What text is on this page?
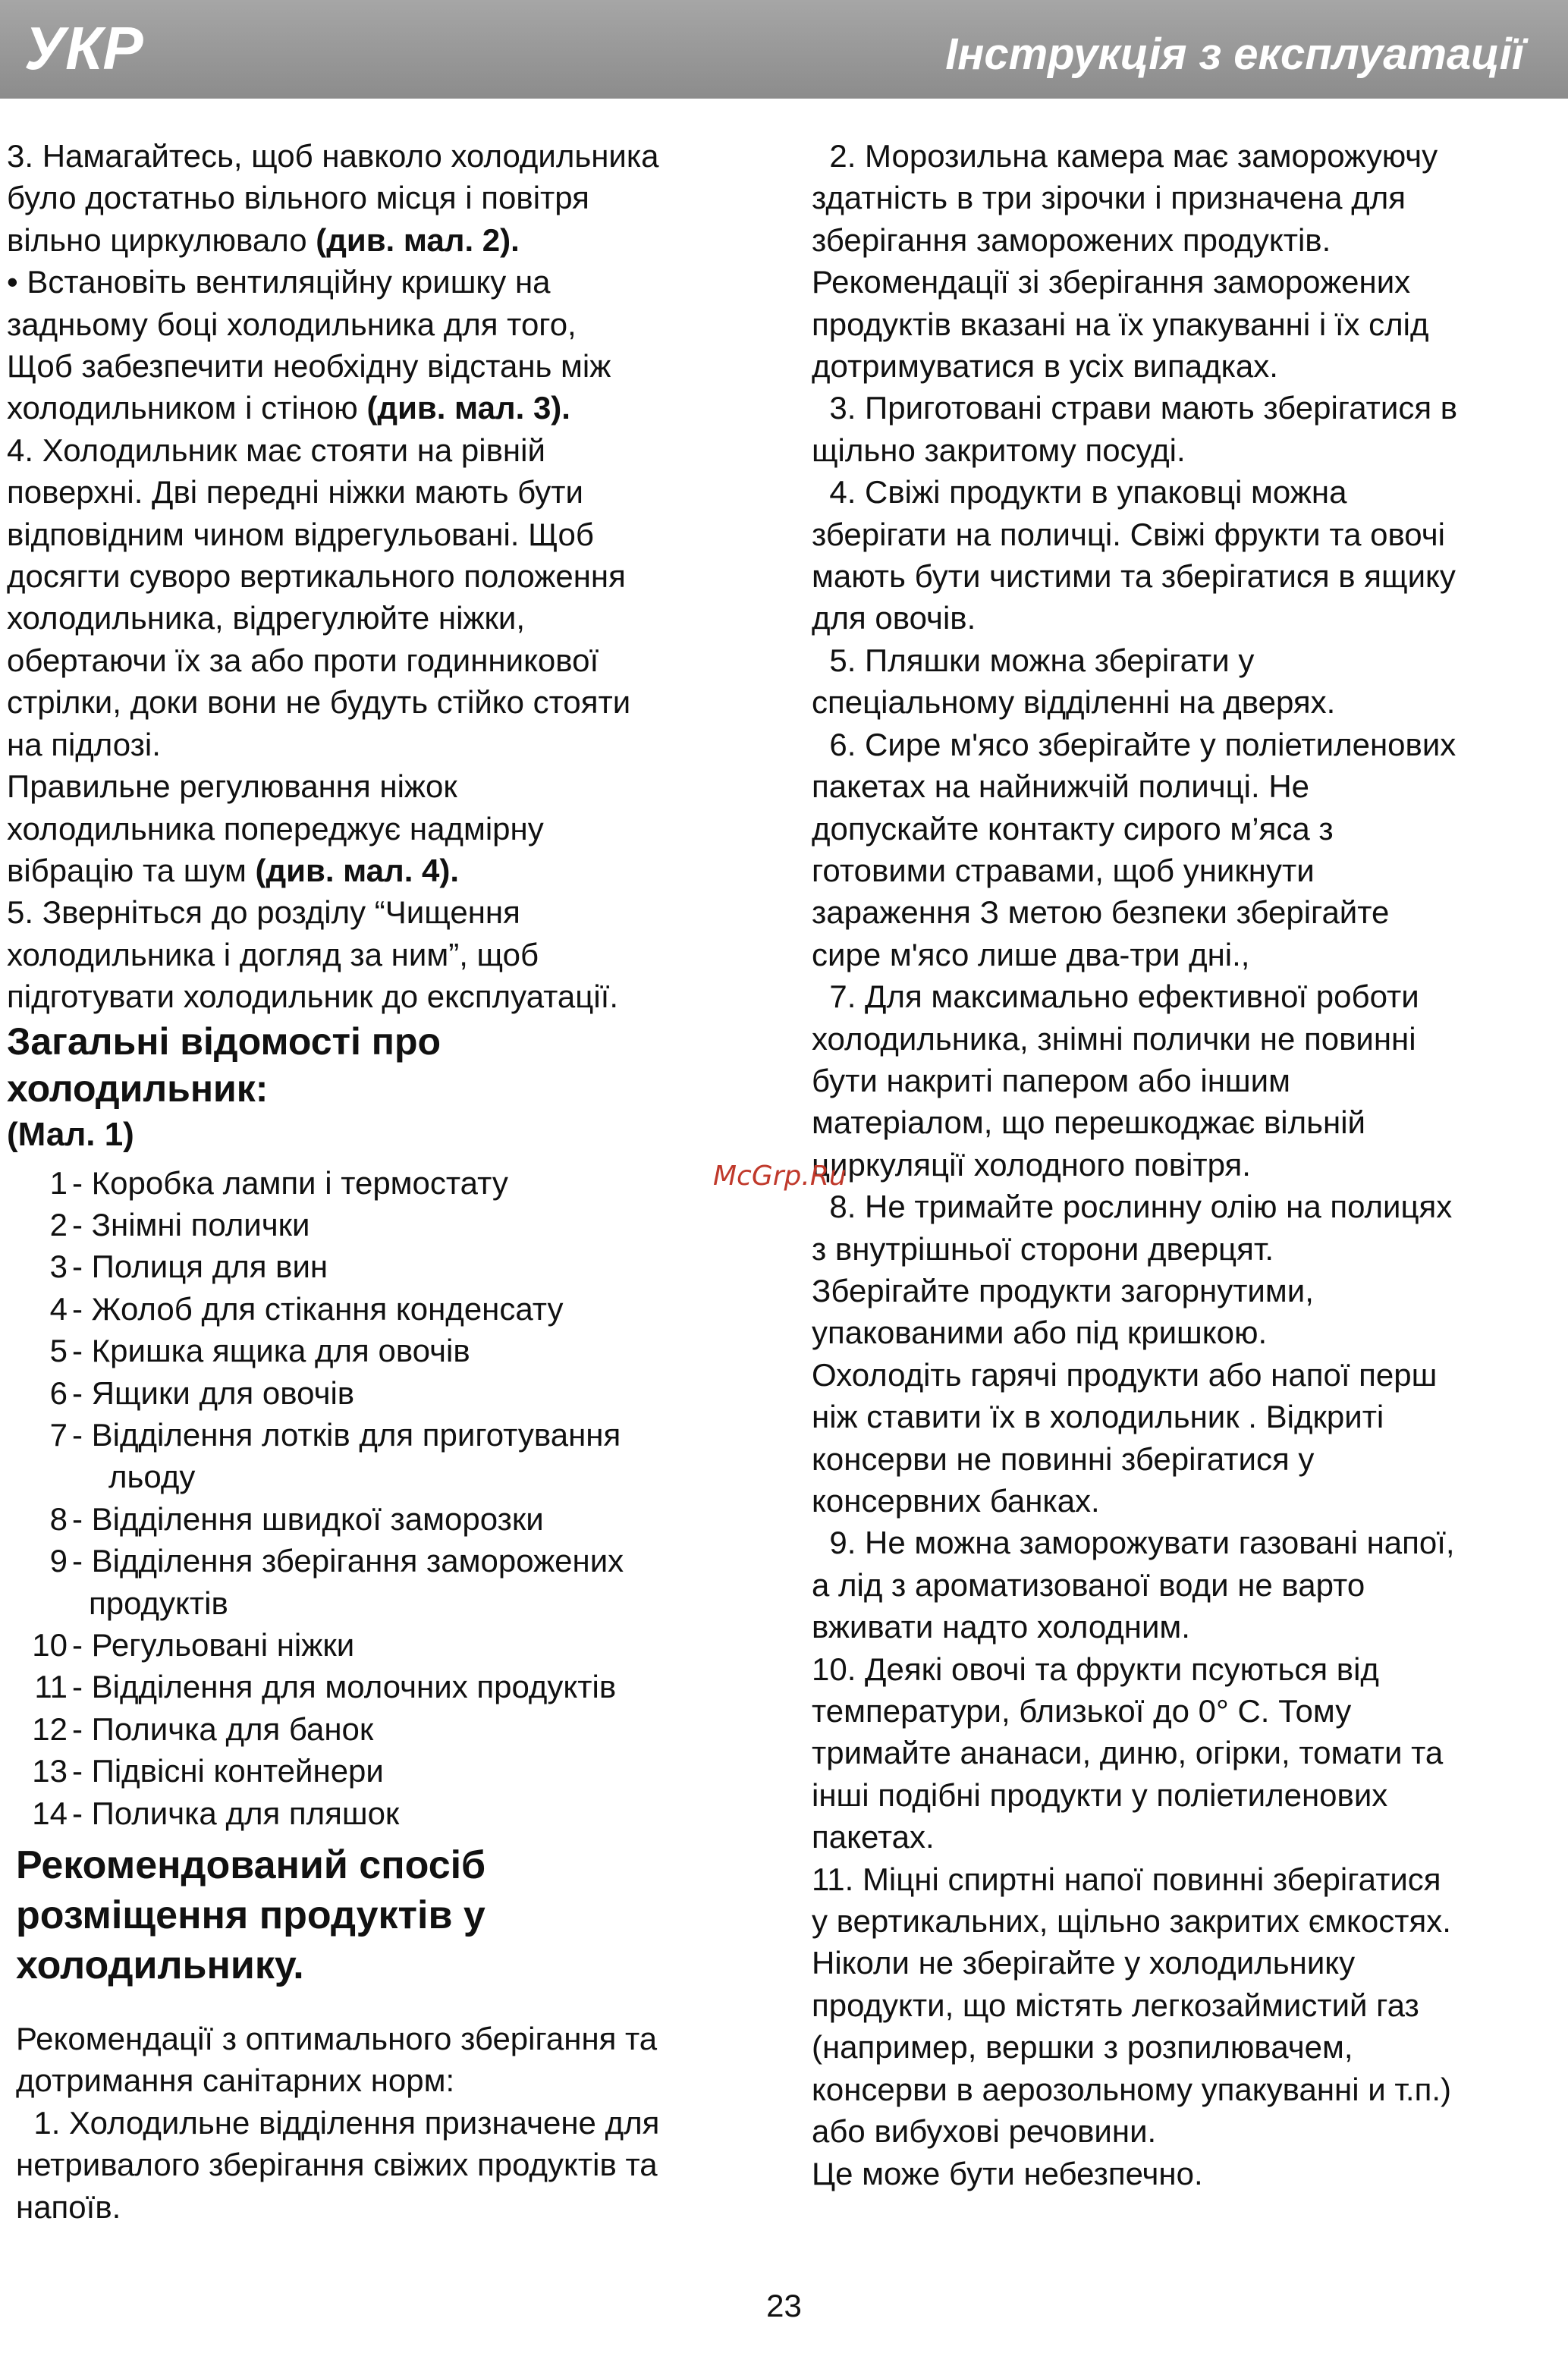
УКР	Інструкція з експлуатації
3. Намагайтесь, щоб навколо холодильника
було достатньо вільного місця і повітря
вільно циркулювало (див. мал. 2).
• Встановіть вентиляційну кришку на
задньому боці холодильника для того,
Щоб забезпечити необхідну відстань між
холодильником і стіною (див. мал. 3).
4. Холодильник має стояти на рівній
поверхні. Дві передні ніжки мають бути
відповідним чином відрегульовані. Щоб
досягти суворо вертикального положення
холодильника, відрегулюйте ніжки,
обертаючи їх за або проти годинникової
стрілки, доки вони не будуть стійко стояти
на підлозі.
Правильне регулювання ніжок
холодильника попереджує надмірну
вібрацію та шум (див. мал. 4).
5. Зверніться до розділу “Чищення
холодильника і догляд за ним”, щоб
підготувати холодильник до експлуатації.
Загальні відомості про
холодильник:
(Мал. 1)
1 - Коробка лампи і термостату
2 - Знімні полички
3 - Полиця для вин
4 - Жолоб для стікання конденсату
5 - Кришка ящика для овочів
6 - Ящики для овочів
7 - Відділення лотків для приготування
льоду
8 - Відділення швидкої заморозки
9 - Відділення зберігання заморожених
продуктів
10 - Регульовані ніжки
11 - Відділення для молочних продуктів
12 - Поличка для банок
13 - Підвісні контейнери
14 - Поличка для пляшок
Рекомендований спосіб
розміщення продуктів у
холодильнику.
Рекомендації з оптимального зберігання та
дотримання санітарних норм:
1. Холодильне відділення призначене для
нетривалого зберігання свіжих продуктів та
напоїв.
2. Морозильна камера має заморожуючу
здатність в три зірочки і призначена для
зберігання заморожених продуктів.
Рекомендації зі зберігання заморожених
продуктів вказані на їх упакуванні і їх слід
дотримуватися в усіх випадках.
3. Приготовані страви мають зберігатися в
щільно закритому посуді.
4. Свіжі продукти в упаковці можна
зберігати на поличці. Свіжі фрукти та овочі
мають бути чистими та зберігатися в ящику
для овочів.
5. Пляшки можна зберігати у
спеціальному відділенні на дверях.
6. Сире м'ясо зберігайте у поліетиленових
пакетах на найнижчій поличці. Не
допускайте контакту сирого м’яса з
готовими стравами, щоб уникнути
зараження З метою безпеки зберігайте
сире м'ясо лише два-три дні.,
7. Для максимально ефективної роботи
холодильника, знімні полички не повинні
бути накриті папером або іншим
матеріалом, що перешкоджає вільній
циркуляції холодного повітря.
8. Не тримайте рослинну олію на полицях
з внутрішньої сторони дверцят.
Зберігайте продукти загорнутими,
упакованими або під кришкою.
Охолодіть гарячі продукти або напої перш
ніж ставити їх в холодильник . Відкриті
консерви не повинні зберігатися у
консервних банках.
9. Не можна заморожувати газовані напої,
а лід з ароматизованої води не варто
вживати надто холодним.
10. Деякі овочі та фрукти псуються від
температури, близької до 0° С. Тому
тримайте ананаси, диню, огірки, томати та
інші подібні продукти у поліетиленових
пакетах.
11. Міцні спиртні напої повинні зберігатися
у вертикальних, щільно закритих ємкостях.
Ніколи не зберігайте у холодильнику
продукти, що містять легкозаймистий газ
(например, вершки з розпилювачем,
консерви в аерозольному упакуванні и т.п.)
або вибухові речовини.
Це може бути небезпечно.
McGrp.Ru
23
